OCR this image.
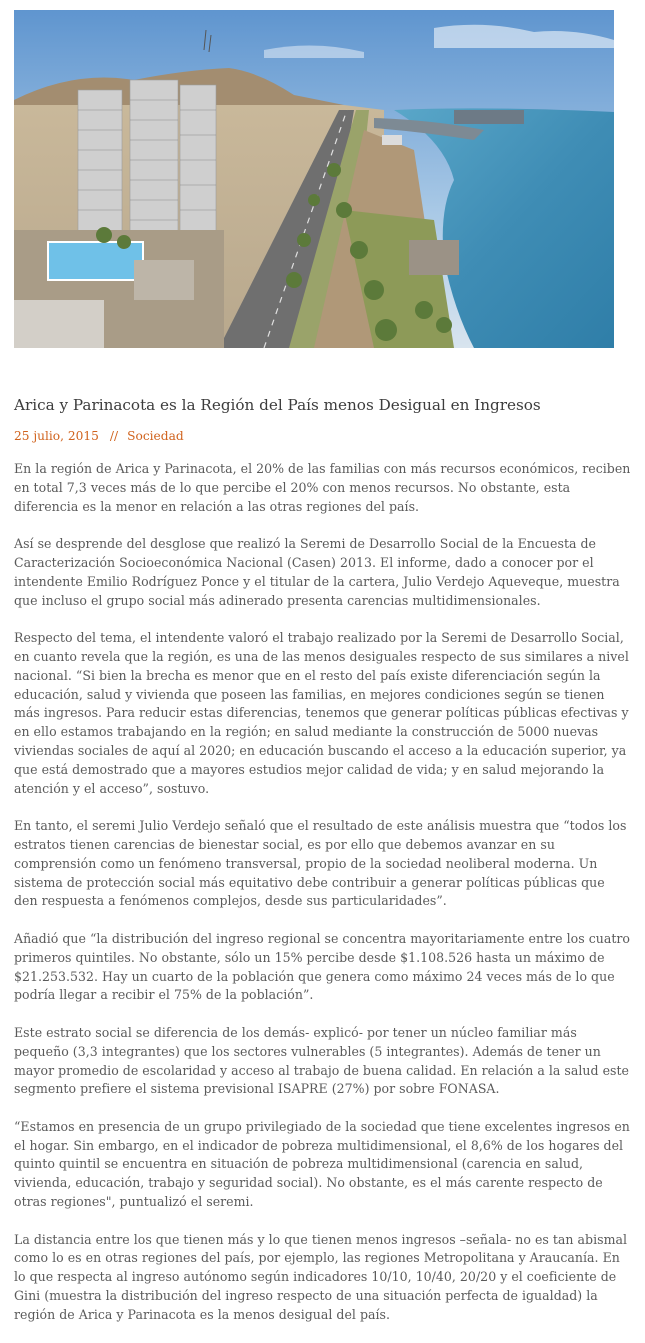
Arica y Parinacota es la Región del País menos Desigual en Ingresos
25 julio, 2015 // Sociedad

En la región de Arica y Parinacota, el 20% de las familias con más recursos económicos, reciben en total 7,3 veces más de lo que percibe el 20% con menos recursos. No obstante, esta diferencia es la menor en relación a las otras regiones del país.

Así se desprende del desglose que realizó la Seremi de Desarrollo Social de la Encuesta de Caracterización Socioeconómica Nacional (Casen) 2013. El informe, dado a conocer por el intendente Emilio Rodríguez Ponce y el titular de la cartera, Julio Verdejo Aqueveque, muestra que incluso el grupo social más adinerado presenta carencias multidimensionales.

Respecto del tema, el intendente valoró el trabajo realizado por la Seremi de Desarrollo Social, en cuanto revela que la región, es una de las menos desiguales respecto de sus similares a nivel nacional. “Si bien la brecha es menor que en el resto del país existe diferenciación según la educación, salud y vivienda que poseen las familias, en mejores condiciones según se tienen más ingresos. Para reducir estas diferencias, tenemos que generar políticas públicas efectivas y en ello estamos trabajando en la región; en salud mediante la construcción de 5000 nuevas viviendas sociales de aquí al 2020; en educación buscando el acceso a la educación superior, ya que está demostrado que a mayores estudios mejor calidad de vida; y en salud mejorando la atención y el acceso”, sostuvo.

En tanto, el seremi Julio Verdejo señaló que el resultado de este análisis muestra que “todos los estratos tienen carencias de bienestar social, es por ello que debemos avanzar en su comprensión como un fenómeno transversal, propio de la sociedad neoliberal moderna. Un sistema de protección social más equitativo debe contribuir a generar políticas públicas que den respuesta a fenómenos complejos, desde sus particularidades”.

Añadió que “la distribución del ingreso regional se concentra mayoritariamente entre los cuatro primeros quintiles. No obstante, sólo un 15% percibe desde $1.108.526 hasta un máximo de $21.253.532. Hay un cuarto de la población que genera como máximo 24 veces más de lo que podría llegar a recibir el 75% de la población”.

Este estrato social se diferencia de los demás- explicó- por tener un núcleo familiar más pequeño (3,3 integrantes) que los sectores vulnerables (5 integrantes). Además de tener un mayor promedio de escolaridad y acceso al trabajo de buena calidad. En relación a la salud este segmento prefiere el sistema previsional ISAPRE (27%) por sobre FONASA.

“Estamos en presencia de un grupo privilegiado de la sociedad que tiene excelentes ingresos en el hogar. Sin embargo, en el indicador de pobreza multidimensional, el 8,6% de los hogares del quinto quintil se encuentra en situación de pobreza multidimensional (carencia en salud, vivienda, educación, trabajo y seguridad social). No obstante, es el más carente respecto de otras regiones", puntualizó el seremi.

La distancia entre los que tienen más y lo que tienen menos ingresos –señala- no es tan abismal como lo es en otras regiones del país, por ejemplo, las regiones Metropolitana y Araucanía. En lo que respecta al ingreso autónomo según indicadores 10/10, 10/40, 20/20 y el coeficiente de Gini (muestra la distribución del ingreso respecto de una situación perfecta de igualdad) la región de Arica y Parinacota es la menos desigual del país.
